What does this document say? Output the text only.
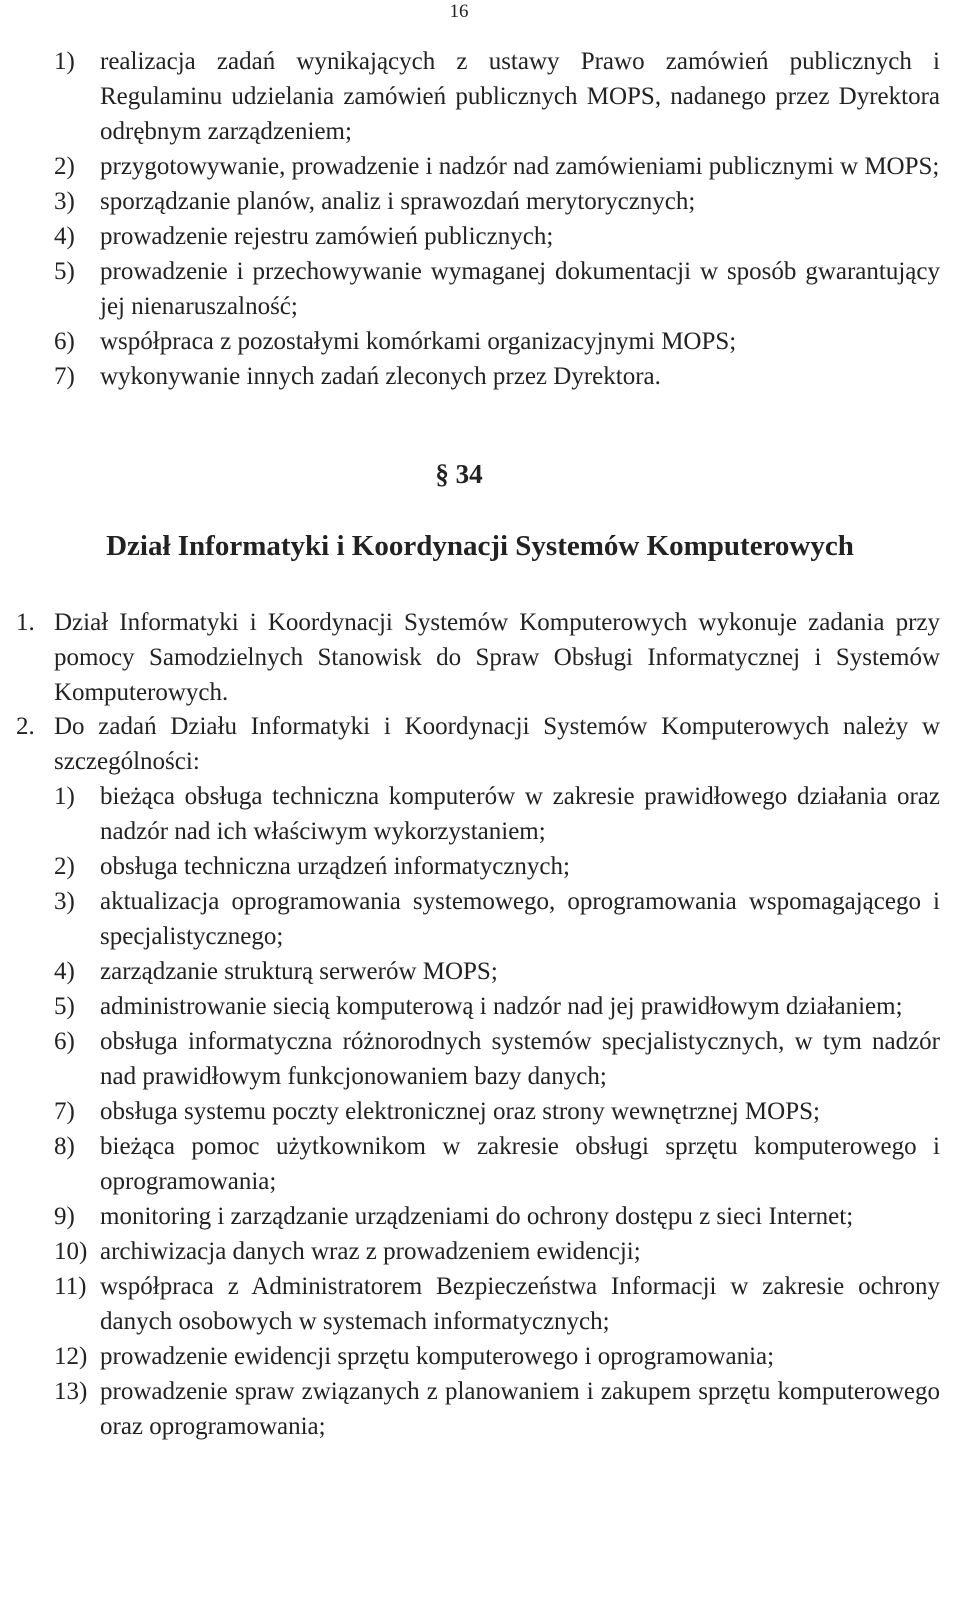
16
1)	realizacja zadań wynikających z ustawy Prawo zamówień publicznych i Regulaminu udzielania zamówień publicznych MOPS, nadanego przez Dyrektora odrębnym zarządzeniem;
2)	przygotowywanie, prowadzenie i nadzór nad zamówieniami publicznymi w MOPS;
3)	sporządzanie planów, analiz i sprawozdań merytorycznych;
4)	prowadzenie rejestru zamówień publicznych;
5)	prowadzenie i przechowywanie wymaganej dokumentacji w sposób gwarantujący jej nienaruszalność;
6)	współpraca z pozostałymi komórkami organizacyjnymi MOPS;
7)	wykonywanie innych zadań zleconych przez Dyrektora.
§ 34
Dział Informatyki i Koordynacji Systemów Komputerowych
1. Dział Informatyki i Koordynacji Systemów Komputerowych wykonuje zadania przy pomocy Samodzielnych Stanowisk do Spraw Obsługi Informatycznej i Systemów Komputerowych.
2. Do zadań Działu Informatyki i Koordynacji Systemów Komputerowych należy w szczególności:
1)	bieżąca obsługa techniczna komputerów w zakresie prawidłowego działania oraz nadzór nad ich właściwym wykorzystaniem;
2)	obsługa techniczna urządzeń informatycznych;
3)	aktualizacja oprogramowania systemowego, oprogramowania wspomagającego i specjalistycznego;
4)	zarządzanie strukturą serwerów MOPS;
5)	administrowanie siecią komputerową i nadzór nad jej prawidłowym działaniem;
6)	obsługa informatyczna różnorodnych systemów specjalistycznych, w tym nadzór nad prawidłowym funkcjonowaniem bazy danych;
7)	obsługa systemu poczty elektronicznej oraz strony wewnętrznej MOPS;
8)	bieżąca pomoc użytkownikom w zakresie obsługi sprzętu komputerowego i oprogramowania;
9)	monitoring i zarządzanie urządzeniami do ochrony dostępu z sieci Internet;
10) archiwizacja danych wraz z prowadzeniem ewidencji;
11) współpraca z Administratorem Bezpieczeństwa Informacji w zakresie ochrony danych osobowych w systemach informatycznych;
12) prowadzenie ewidencji sprzętu komputerowego i oprogramowania;
13) prowadzenie spraw związanych z planowaniem i zakupem sprzętu komputerowego oraz oprogramowania;
